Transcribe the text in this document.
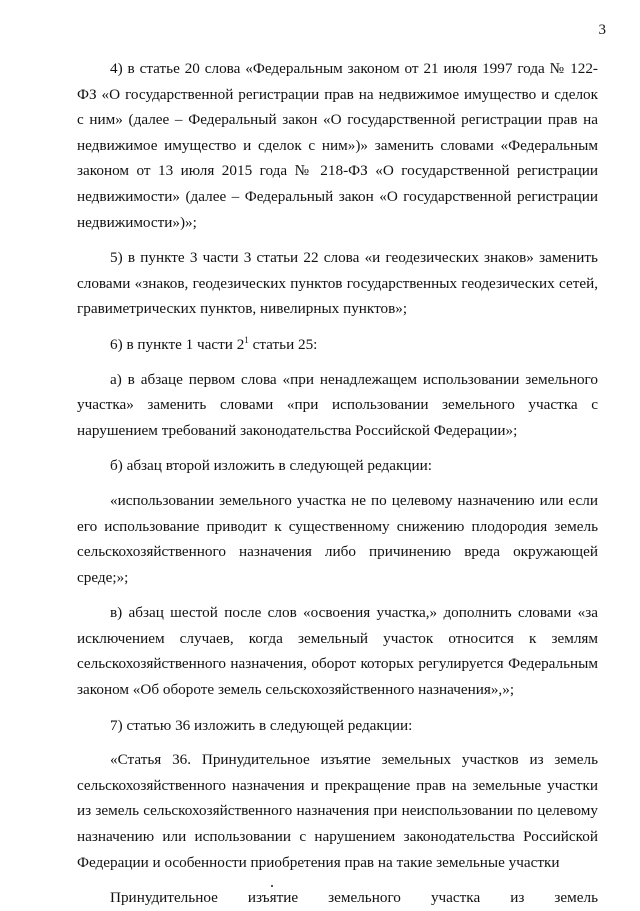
3

4) в статье 20 слова «Федеральным законом от 21 июля 1997 года № 122-ФЗ «О государственной регистрации прав на недвижимое имущество и сделок с ним» (далее – Федеральный закон «О государственной регистрации прав на недвижимое имущество и сделок с ним»)» заменить словами «Федеральным законом от 13 июля 2015 года № 218-ФЗ «О государственной регистрации недвижимости» (далее – Федеральный закон «О государственной регистрации недвижимости»)»;

5) в пункте 3 части 3 статьи 22 слова «и геодезических знаков» заменить словами «знаков, геодезических пунктов государственных геодезических сетей, гравиметрических пунктов, нивелирных пунктов»;

6) в пункте 1 части $2^1$ статьи 25:

а) в абзаце первом слова «при ненадлежащем использовании земельного участка» заменить словами «при использовании земельного участка с нарушением требований законодательства Российской Федерации»;

б) абзац второй изложить в следующей редакции:

«использовании земельного участка не по целевому назначению или если его использование приводит к существенному снижению плодородия земель сельскохозяйственного назначения либо причинению вреда окружающей среде;»;

в) абзац шестой после слов «освоения участка,» дополнить словами «за исключением случаев, когда земельный участок относится к землям сельскохозяйственного назначения, оборот которых регулируется Федеральным законом «Об обороте земель сельскохозяйственного назначения»,»;

7) статью 36 изложить в следующей редакции:

«Статья 36. Принудительное изъятие земельных участков из земель сельскохозяйственного назначения и прекращение прав на земельные участки из земель сельскохозяйственного назначения при неиспользовании по целевому назначению или использовании с нарушением законодательства Российской Федерации и особенности приобретения прав на такие земельные участки

Принудительное изъятие земельного участка из земель
